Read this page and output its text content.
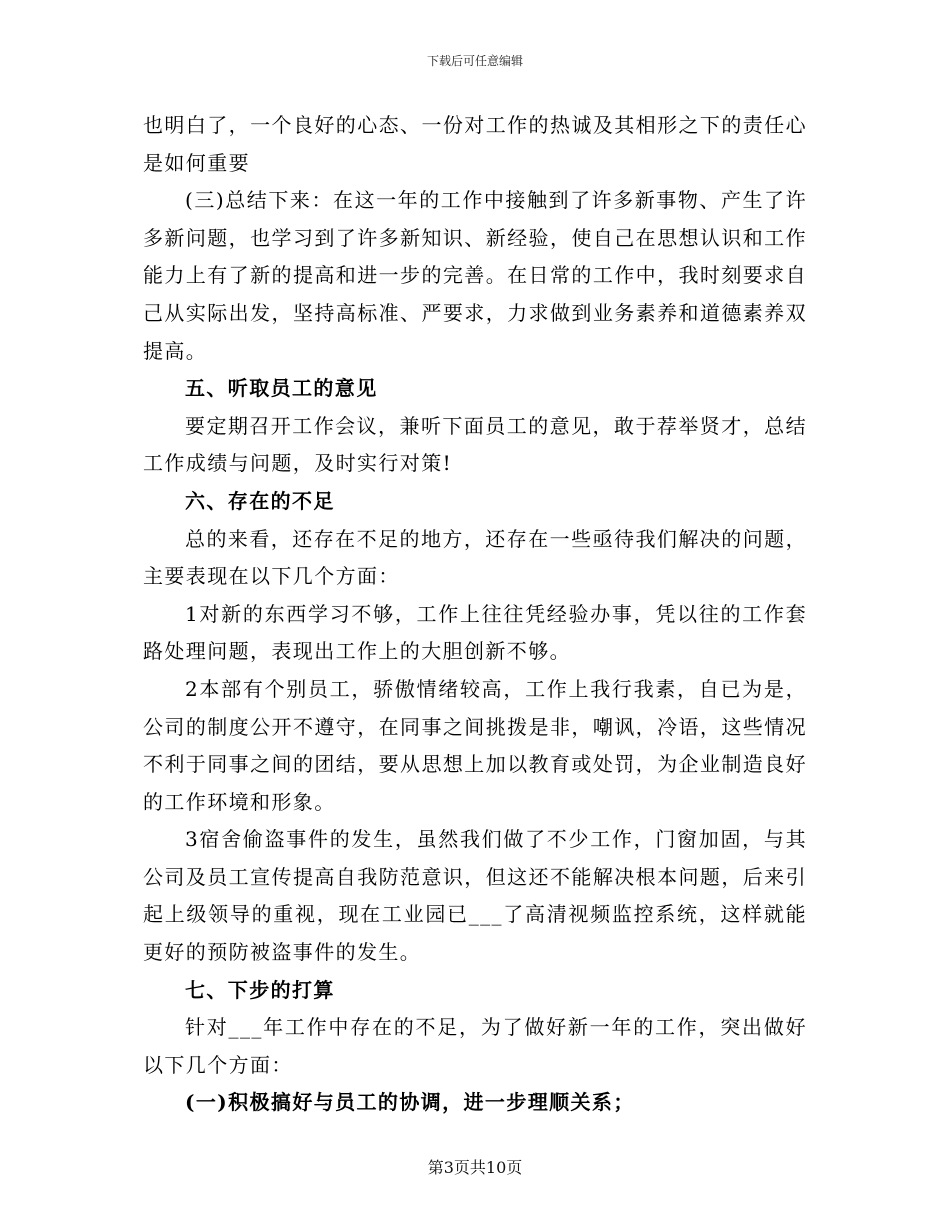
下载后可任意编辑

也明白了，一个良好的心态、一份对工作的热诚及其相形之下的责任心是如何重要

(三)总结下来：在这一年的工作中接触到了许多新事物、产生了许多新问题，也学习到了许多新知识、新经验，使自己在思想认识和工作能力上有了新的提高和进一步的完善。在日常的工作中，我时刻要求自己从实际出发，坚持高标准、严要求，力求做到业务素养和道德素养双提高。

五、听取员工的意见

要定期召开工作会议，兼听下面员工的意见，敢于荐举贤才，总结工作成绩与问题，及时实行对策!

六、存在的不足

总的来看，还存在不足的地方，还存在一些亟待我们解决的问题，主要表现在以下几个方面：

1对新的东西学习不够，工作上往往凭经验办事，凭以往的工作套路处理问题，表现出工作上的大胆创新不够。

2本部有个别员工，骄傲情绪较高，工作上我行我素，自已为是，公司的制度公开不遵守，在同事之间挑拨是非，嘲讽，冷语，这些情况不利于同事之间的团结，要从思想上加以教育或处罚，为企业制造良好的工作环境和形象。

3宿舍偷盗事件的发生，虽然我们做了不少工作，门窗加固，与其公司及员工宣传提高自我防范意识，但这还不能解决根本问题，后来引起上级领导的重视，现在工业园已___了高清视频监控系统，这样就能更好的预防被盗事件的发生。

七、下步的打算

针对___年工作中存在的不足，为了做好新一年的工作，突出做好以下几个方面：

(一)积极搞好与员工的协调，进一步理顺关系；

第3页共10页
